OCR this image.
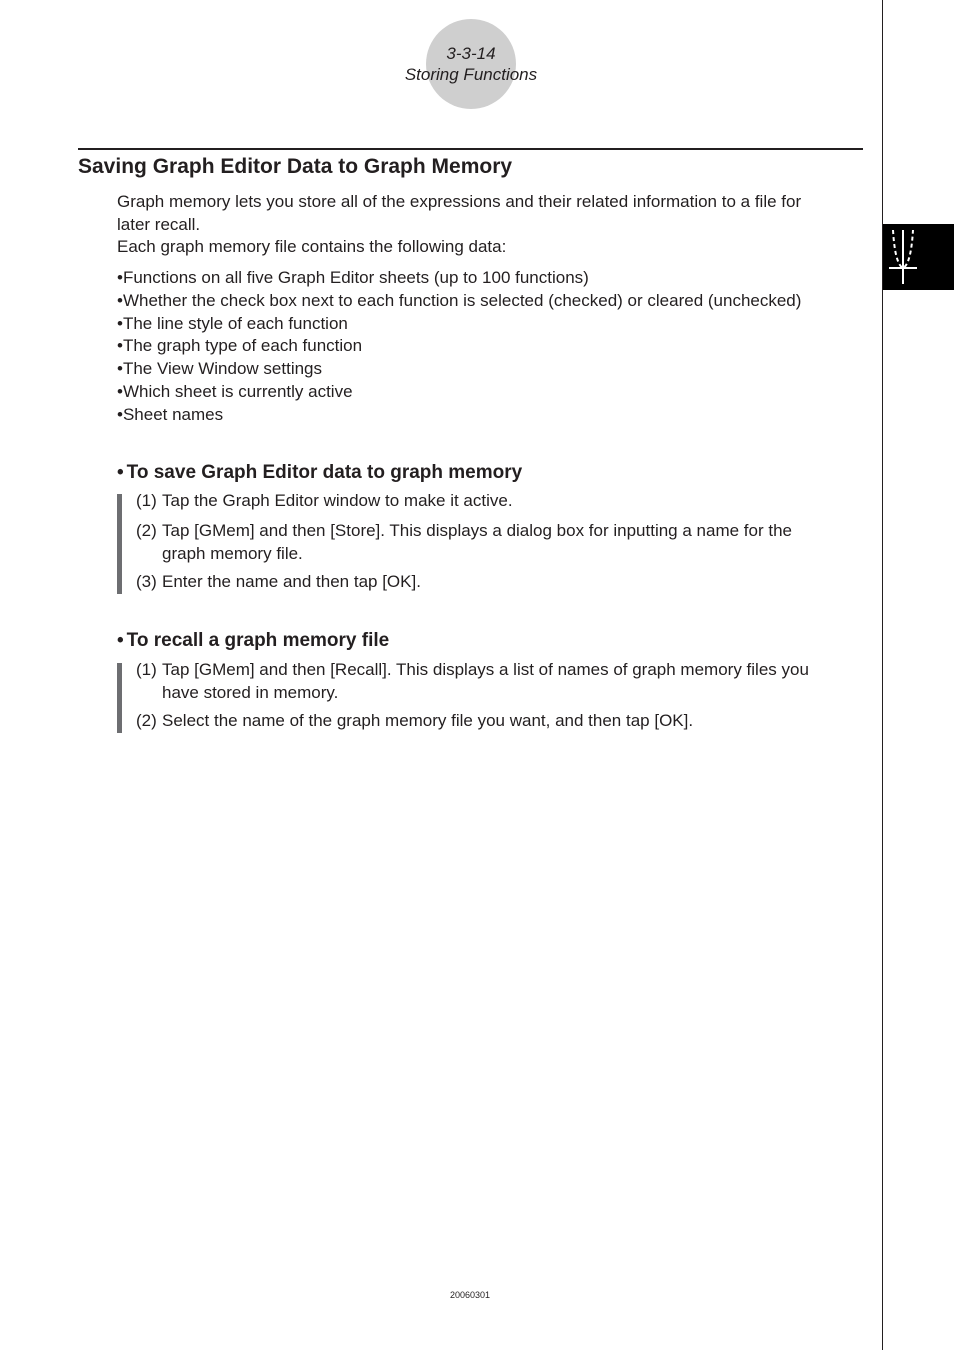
3-3-14
Storing Functions
Saving Graph Editor Data to Graph Memory

Graph memory lets you store all of the expressions and their related information to a file for

later recall.

Each graph memory file contains the following data:

• Functions on all five Graph Editor sheets (up to 100 functions)
• Whether the check box next to each function is selected (checked) or cleared (unchecked)
• The line style of each function
• The graph type of each function
• The View Window settings
• Which sheet is currently active
• Sheet names
• To save Graph Editor data to graph memory
(1) Tap the Graph Editor window to make it active.
(2) Tap [GMem] and then [Store]. This displays a dialog box for inputting a name for the
graph memory file.
(3) Enter the name and then tap [OK].
• To recall a graph memory file
(1) Tap [GMem] and then [Recall]. This displays a list of names of graph memory files you
have stored in memory.
(2) Select the name of the graph memory file you want, and then tap [OK].
20060301
